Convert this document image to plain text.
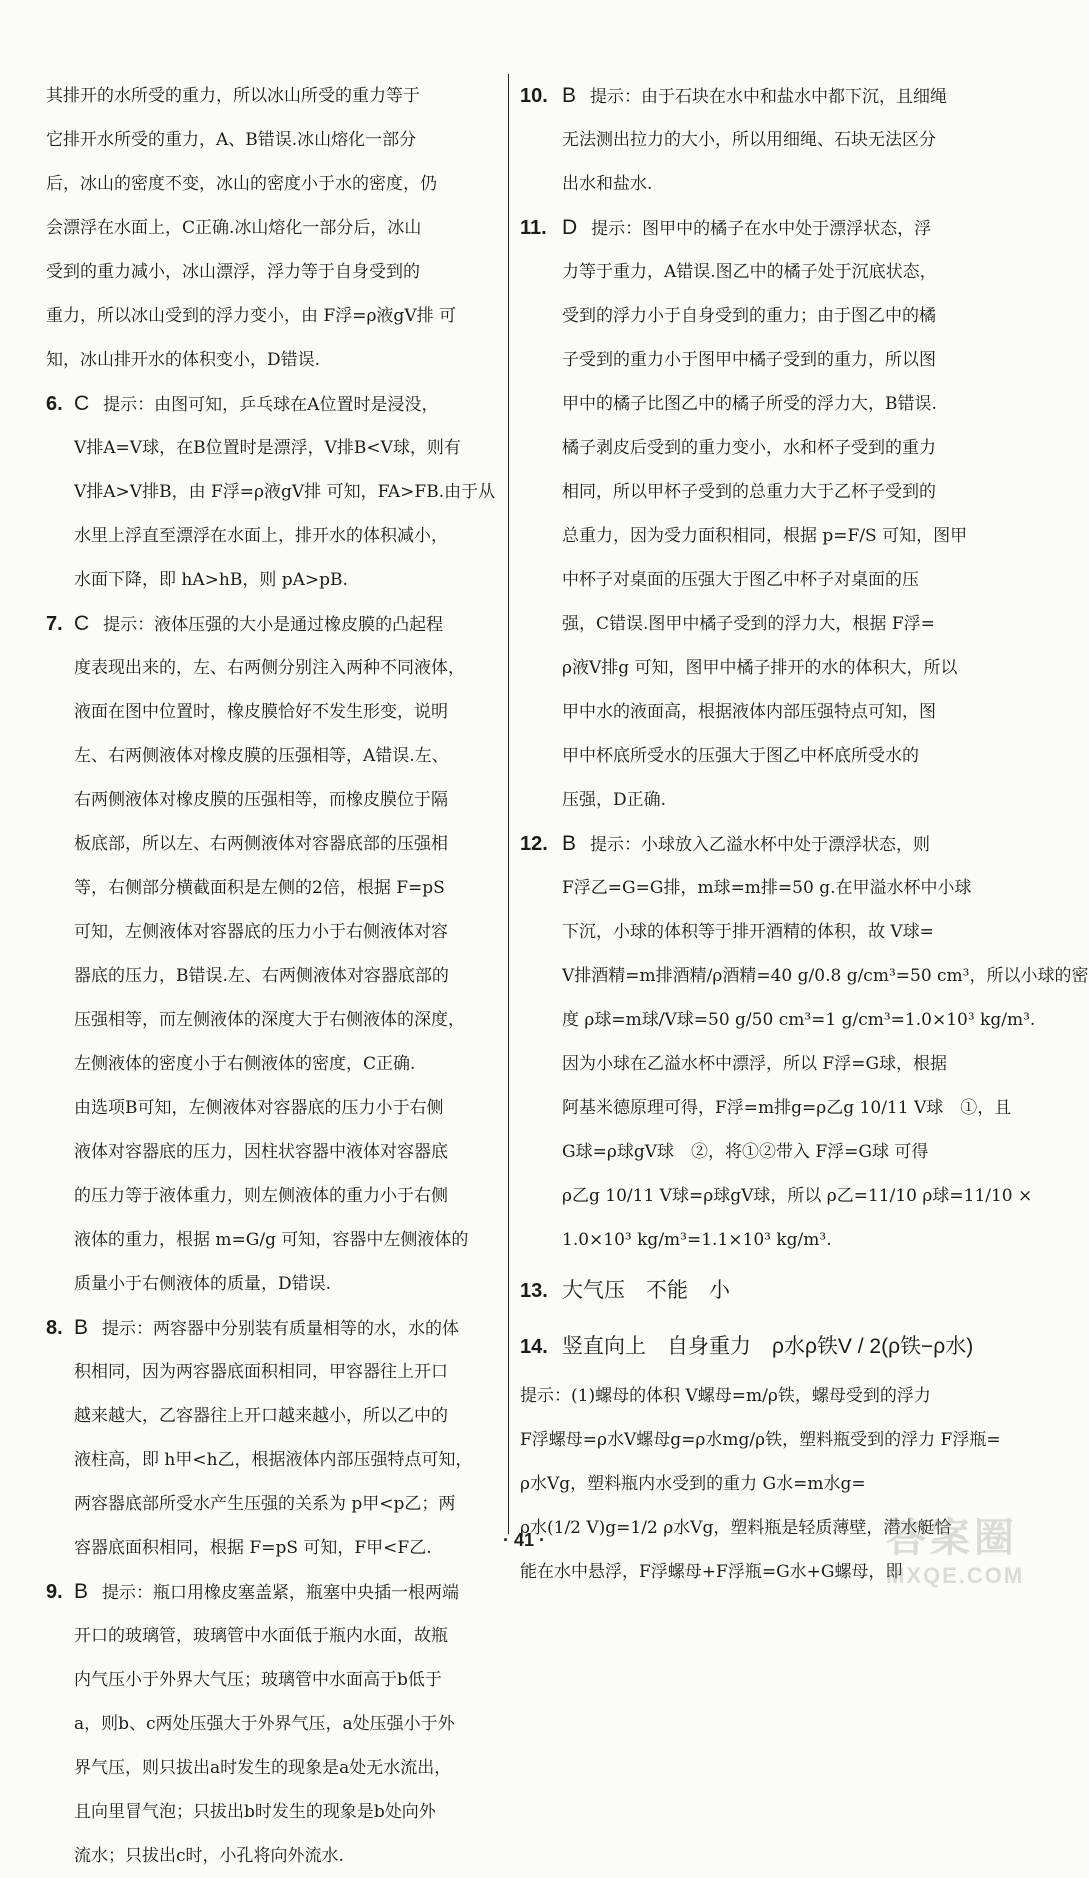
其排开的水所受的重力，所以冰山所受的重力等于
它排开水所受的重力，A、B错误.冰山熔化一部分
后，冰山的密度不变，冰山的密度小于水的密度，仍
会漂浮在水面上，C正确.冰山熔化一部分后，冰山
受到的重力减小，冰山漂浮，浮力等于自身受到的
重力，所以冰山受到的浮力变小，由 F浮=ρ液gV排 可
知，冰山排开水的体积变小，D错误.
6. C 提示：由图可知，乒乓球在A位置时是浸没，
V排A=V球，在B位置时是漂浮，V排B<V球，则有
V排A>V排B，由 F浮=ρ液gV排 可知，FA>FB.由于从
水里上浮直至漂浮在水面上，排开水的体积减小，
水面下降，即 hA>hB，则 pA>pB.
7. C 提示：液体压强的大小是通过橡皮膜的凸起程
度表现出来的，左、右两侧分别注入两种不同液体，
液面在图中位置时，橡皮膜恰好不发生形变，说明
左、右两侧液体对橡皮膜的压强相等，A错误.左、
右两侧液体对橡皮膜的压强相等，而橡皮膜位于隔
板底部，所以左、右两侧液体对容器底部的压强相
等，右侧部分横截面积是左侧的2倍，根据 F=pS
可知，左侧液体对容器底的压力小于右侧液体对容
器底的压力，B错误.左、右两侧液体对容器底部的
压强相等，而左侧液体的深度大于右侧液体的深度，
左侧液体的密度小于右侧液体的密度，C正确.
由选项B可知，左侧液体对容器底的压力小于右侧
液体对容器底的压力，因柱状容器中液体对容器底
的压力等于液体重力，则左侧液体的重力小于右侧
液体的重力，根据 m=G/g 可知，容器中左侧液体的
质量小于右侧液体的质量，D错误.
8. B 提示：两容器中分别装有质量相等的水，水的体
积相同，因为两容器底面积相同，甲容器往上开口
越来越大，乙容器往上开口越来越小，所以乙中的
液柱高，即 h甲<h乙，根据液体内部压强特点可知，
两容器底部所受水产生压强的关系为 p甲<p乙；两
容器底面积相同，根据 F=pS 可知，F甲<F乙.
9. B 提示：瓶口用橡皮塞盖紧，瓶塞中央插一根两端
开口的玻璃管，玻璃管中水面低于瓶内水面，故瓶
内气压小于外界大气压；玻璃管中水面高于b低于
a，则b、c两处压强大于外界气压，a处压强小于外
界气压，则只拔出a时发生的现象是a处无水流出，
且向里冒气泡；只拔出b时发生的现象是b处向外
流水；只拔出c时，小孔将向外流水.
10. B 提示：由于石块在水中和盐水中都下沉，且细绳
无法测出拉力的大小，所以用细绳、石块无法区分
出水和盐水.
11. D 提示：图甲中的橘子在水中处于漂浮状态，浮
力等于重力，A错误.图乙中的橘子处于沉底状态，
受到的浮力小于自身受到的重力；由于图乙中的橘
子受到的重力小于图甲中橘子受到的重力，所以图
甲中的橘子比图乙中的橘子所受的浮力大，B错误.
橘子剥皮后受到的重力变小，水和杯子受到的重力
相同，所以甲杯子受到的总重力大于乙杯子受到的
总重力，因为受力面积相同，根据 p=F/S 可知，图甲
中杯子对桌面的压强大于图乙中杯子对桌面的压
强，C错误.图甲中橘子受到的浮力大，根据 F浮=
ρ液V排g 可知，图甲中橘子排开的水的体积大，所以
甲中水的液面高，根据液体内部压强特点可知，图
甲中杯底所受水的压强大于图乙中杯底所受水的
压强，D正确.
12. B 提示：小球放入乙溢水杯中处于漂浮状态，则
F浮乙=G=G排，m球=m排=50 g.在甲溢水杯中小球
下沉，小球的体积等于排开酒精的体积，故 V球=
V排酒精=m排酒精/ρ酒精=40 g/0.8 g/cm³=50 cm³，所以小球的密
度 ρ球=m球/V球=50 g/50 cm³=1 g/cm³=1.0×10³ kg/m³.
因为小球在乙溢水杯中漂浮，所以 F浮=G球，根据
阿基米德原理可得，F浮=m排g=ρ乙g 10/11 V球　①，且
G球=ρ球gV球　②，将①②带入 F浮=G球 可得
ρ乙g 10/11 V球=ρ球gV球，所以 ρ乙=11/10 ρ球=11/10 ×
1.0×10³ kg/m³=1.1×10³ kg/m³.
13. 大气压　不能　小
14. 竖直向上　自身重力　ρ水ρ铁V / 2(ρ铁−ρ水)
提示：(1)螺母的体积 V螺母=m/ρ铁，螺母受到的浮力
F浮螺母=ρ水V螺母g=ρ水mg/ρ铁，塑料瓶受到的浮力 F浮瓶=
ρ水Vg，塑料瓶内水受到的重力 G水=m水g=
ρ水(1/2 V)g=1/2 ρ水Vg，塑料瓶是轻质薄壁，潜水艇恰
能在水中悬浮，F浮螺母+F浮瓶=G水+G螺母，即
· 41 ·	答案圈
MXQE.COM
